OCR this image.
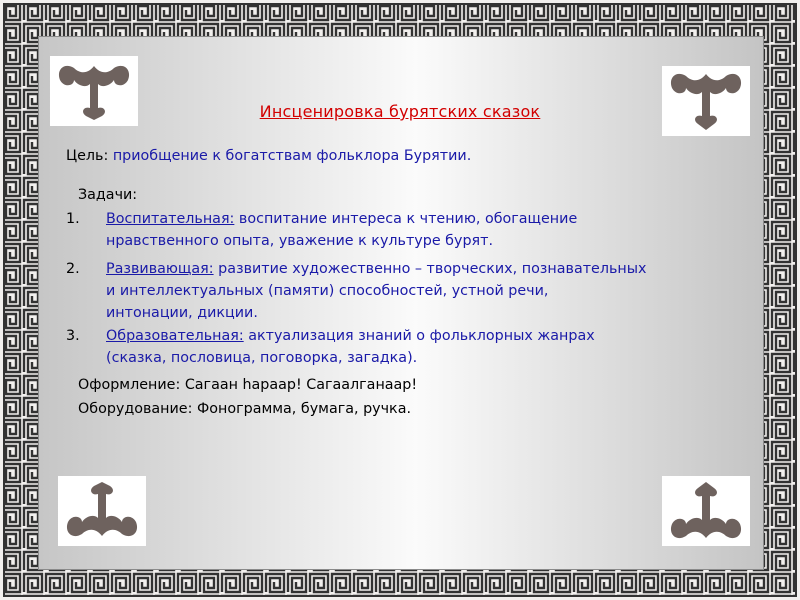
Инсценировка бурятских сказок
Цель: приобщение к богатствам фольклора Бурятии.
Задачи:
1. Воспитательная: воспитание интереса к чтению, обогащение
нравственного опыта, уважение к культуре бурят.
2. Развивающая: развитие художественно – творческих, познавательных
и интеллектуальных (памяти) способностей, устной речи,
интонации, дикции.
3. Образовательная: актуализация знаний о фольклорных жанрах
(сказка, пословица, поговорка, загадка).
Оформление: Сагаан hараар! Сагаалганаар!
Оборудование: Фонограмма, бумага, ручка.
